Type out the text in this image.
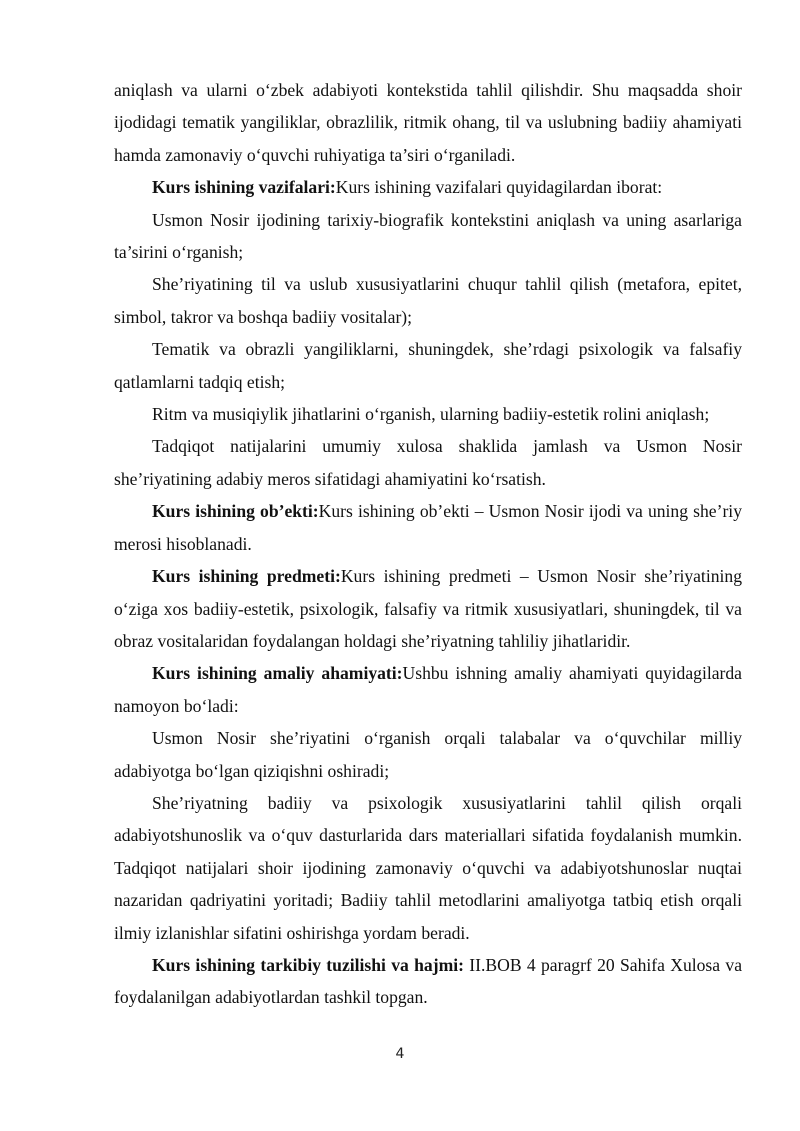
aniqlash va ularni o‘zbek adabiyoti kontekstida tahlil qilishdir. Shu maqsadda shoir ijodidagi tematik yangiliklar, obrazlilik, ritmik ohang, til va uslubning badiiy ahamiyati hamda zamonaviy o‘quvchi ruhiyatiga ta’siri o‘rganiladi.

Kurs ishining vazifalari:Kurs ishining vazifalari quyidagilardan iborat:

Usmon Nosir ijodining tarixiy-biografik kontekstini aniqlash va uning asarlariga ta’sirini o‘rganish;

She’riyatining til va uslub xususiyatlarini chuqur tahlil qilish (metafora, epitet, simbol, takror va boshqa badiiy vositalar);

Tematik va obrazli yangiliklarni, shuningdek, she’rdagi psixologik va falsafiy qatlamlarni tadqiq etish;

Ritm va musiqiylik jihatlarini o‘rganish, ularning badiiy-estetik rolini aniqlash;

Tadqiqot natijalarini umumiy xulosa shaklida jamlash va Usmon Nosir she’riyatining adabiy meros sifatidagi ahamiyatini ko‘rsatish.

Kurs ishining ob’ekti:Kurs ishining ob’ekti – Usmon Nosir ijodi va uning she’riy merosi hisoblanadi.

Kurs ishining predmeti:Kurs ishining predmeti – Usmon Nosir she’riyatining o‘ziga xos badiiy-estetik, psixologik, falsafiy va ritmik xususiyatlari, shuningdek, til va obraz vositalaridan foydalangan holdagi she’riyatning tahliliy jihatlaridir.

Kurs ishining amaliy ahamiyati:Ushbu ishning amaliy ahamiyati quyidagilarda namoyon bo‘ladi:

Usmon Nosir she’riyatini o‘rganish orqali talabalar va o‘quvchilar milliy adabiyotga bo‘lgan qiziqishni oshiradi;

She’riyatning badiiy va psixologik xususiyatlarini tahlil qilish orqali adabiyotshunoslik va o‘quv dasturlarida dars materiallari sifatida foydalanish mumkin. Tadqiqot natijalari shoir ijodining zamonaviy o‘quvchi va adabiyotshunoslar nuqtai nazaridan qadriyatini yoritadi; Badiiy tahlil metodlarini amaliyotga tatbiq etish orqali ilmiy izlanishlar sifatini oshirishga yordam beradi.

Kurs ishining tarkibiy tuzilishi va hajmi: II.BOB 4 paragrf 20 Sahifa Xulosa va foydalanilgan adabiyotlardan tashkil topgan.

4
